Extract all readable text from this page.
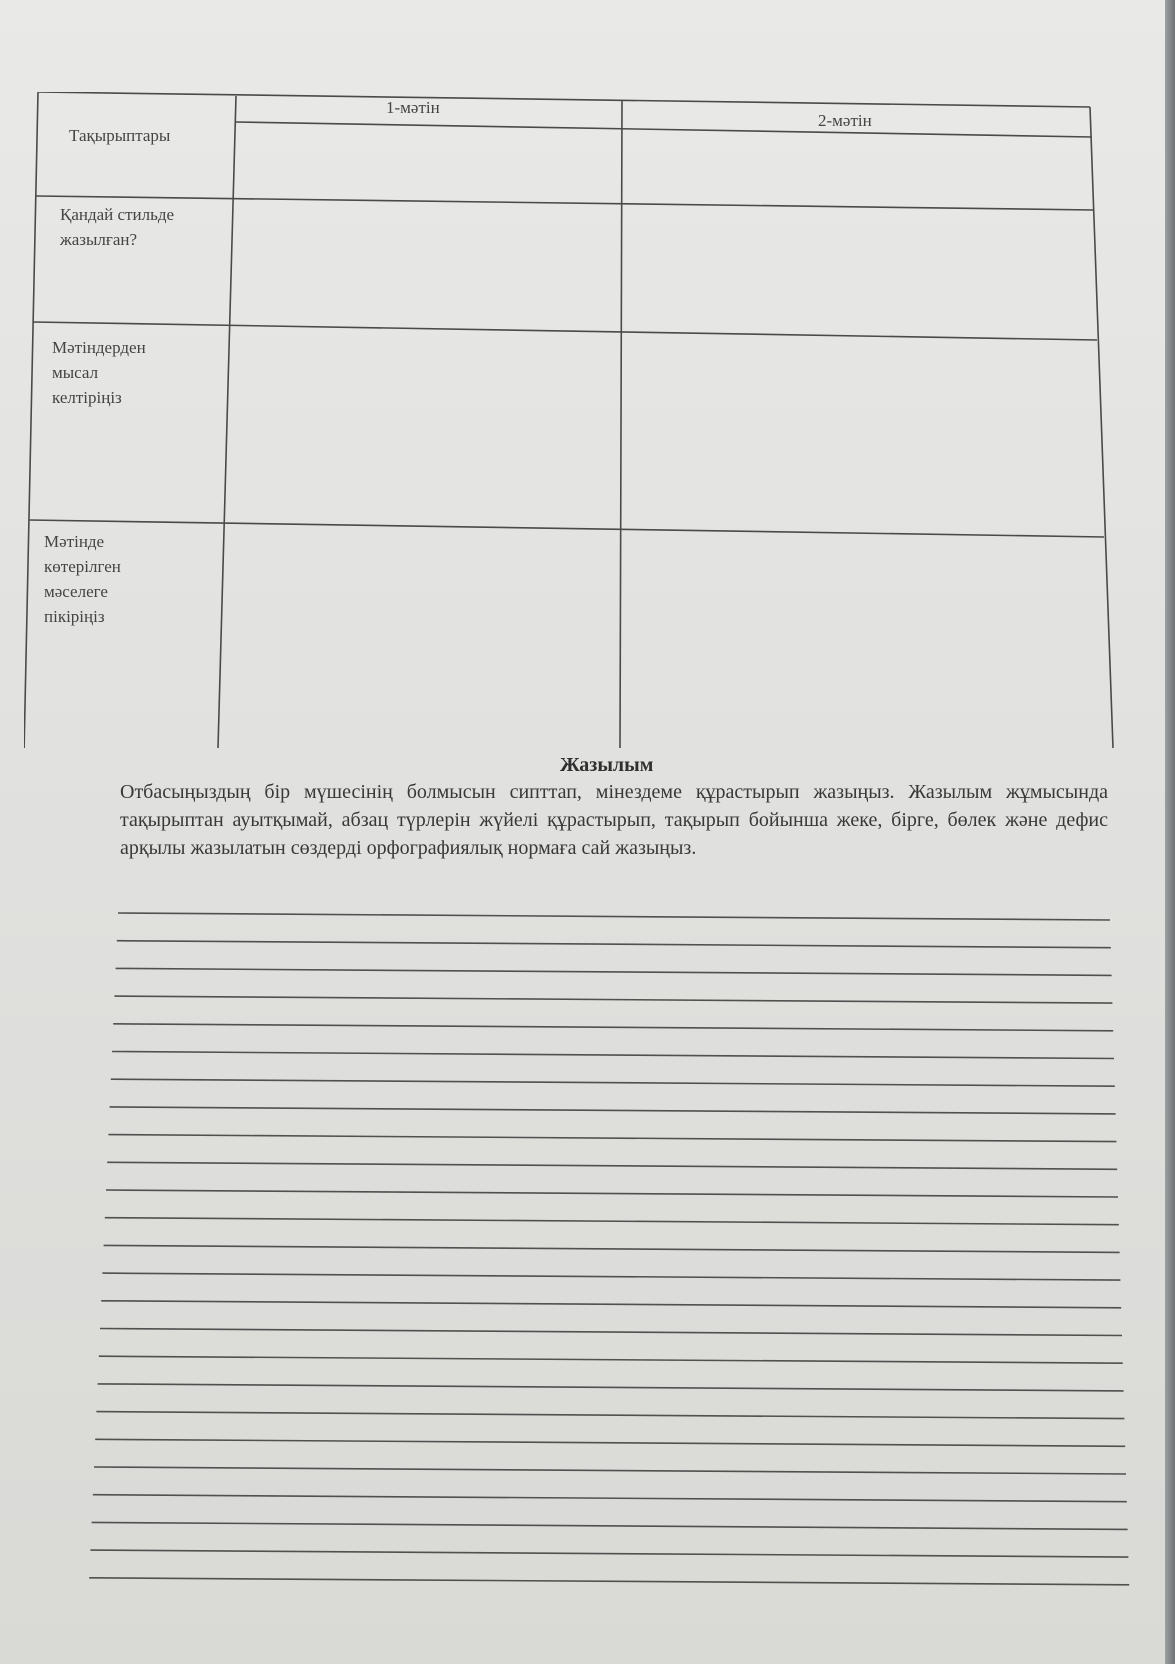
1-мәтін
2-мәтін
Тақырыптары
Қандай стильде
жазылған?
Мәтіндерден
мысал
келтіріңіз
Мәтінде
көтерілген
мәселеге
пікіріңіз
Жазылым
Отбасыңыздың бір мүшесінің болмысын сипттап, мінездеме құрастырып жазыңыз. Жазылым жұмысында тақырыптан ауытқымай, абзац түрлерін жүйелі құрастырып, тақырып бойынша жеке, бірге, бөлек және дефис арқылы жазылатын сөздерді орфографиялық нормаға сай жазыңыз.
